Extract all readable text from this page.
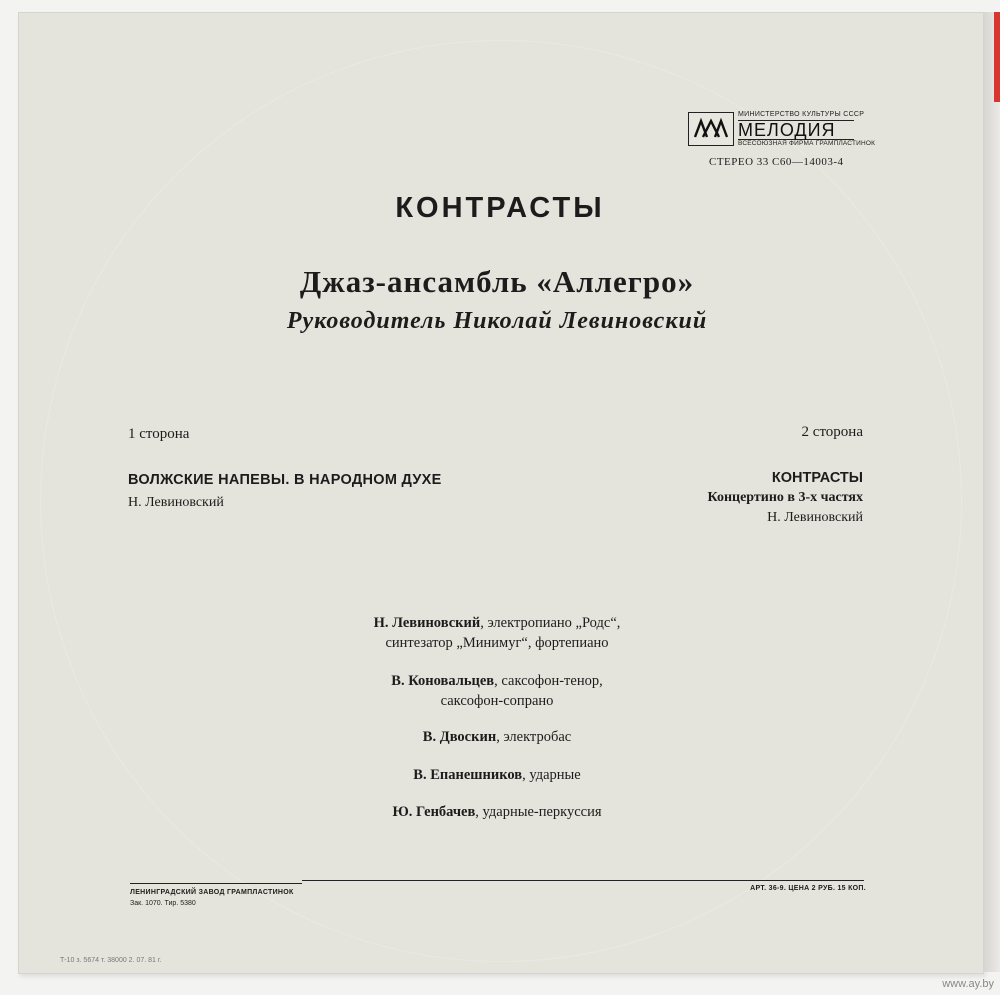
МИНИСТЕРСТВО КУЛЬТУРЫ СССР
МЕЛОДИЯ
ВСЕСОЮЗНАЯ ФИРМА ГРАМПЛАСТИНОК
СТЕРЕО 33 С60—14003-4
КОНТРАСТЫ
Джаз-ансамбль «Аллегро»
Руководитель Николай Левиновский
1 сторона	2 сторона
ВОЛЖСКИЕ НАПЕВЫ. В НАРОДНОМ ДУХЕ
Н. Левиновский
КОНТРАСТЫ
Концертино в 3-х частях
Н. Левиновский
Н. Левиновский, электропиано „Родс“,
синтезатор „Минимуг“, фортепиано
В. Коновальцев, саксофон-тенор,
саксофон-сопрано
В. Двоскин, электробас
В. Епанешников, ударные
Ю. Генбачев, ударные-перкуссия
ЛЕНИНГРАДСКИЙ ЗАВОД ГРАМПЛАСТИНОК
Зак. 1070. Тир. 5380
АРТ. 36-9. ЦЕНА 2 РУБ. 15 КОП.
Т-10 з. 5674 т. 38000 2. 07. 81 г.
www.ay.by
